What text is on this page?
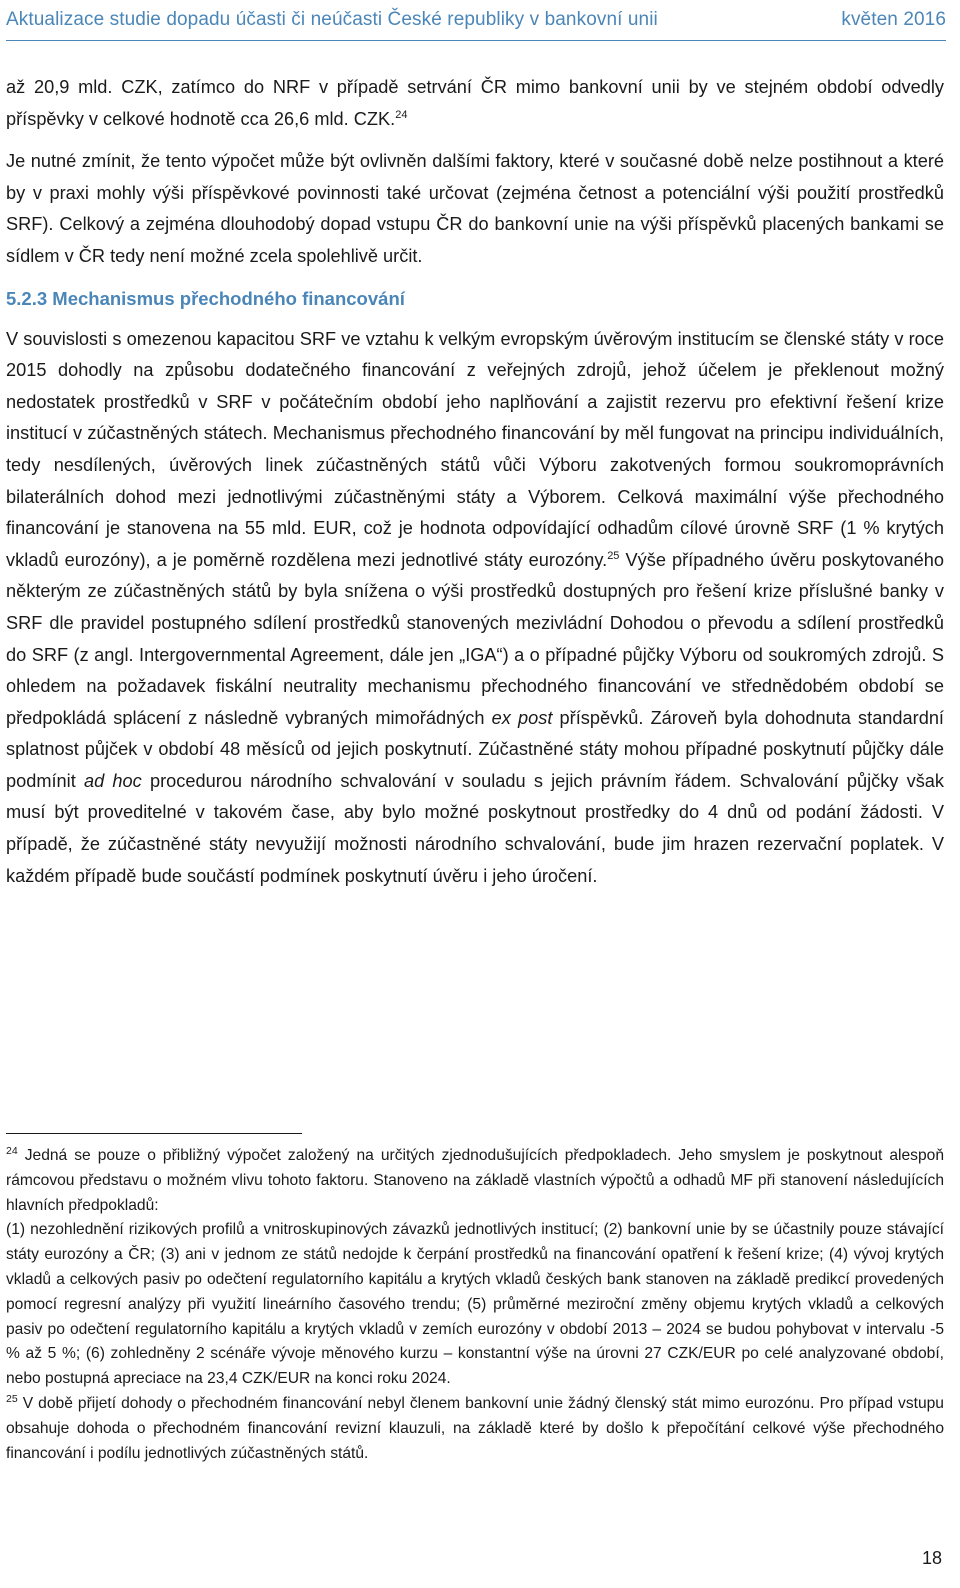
Aktualizace studie dopadu účasti či neúčasti České republiky v bankovní unii	květen 2016

až 20,9 mld. CZK, zatímco do NRF v případě setrvání ČR mimo bankovní unii by ve stejném období odvedly příspěvky v celkové hodnotě cca 26,6 mld. CZK.$^{24}$

Je nutné zmínit, že tento výpočet může být ovlivněn dalšími faktory, které v současné době nelze postihnout a které by v praxi mohly výši příspěvkové povinnosti také určovat (zejména četnost a potenciální výši použití prostředků SRF). Celkový a zejména dlouhodobý dopad vstupu ČR do bankovní unie na výši příspěvků placených bankami se sídlem v ČR tedy není možné zcela spolehlivě určit.

5.2.3 Mechanismus přechodného financování

V souvislosti s omezenou kapacitou SRF ve vztahu k velkým evropským úvěrovým institucím se členské státy v roce 2015 dohodly na způsobu dodatečného financování z veřejných zdrojů, jehož účelem je překlenout možný nedostatek prostředků v SRF v počátečním období jeho naplňování a zajistit rezervu pro efektivní řešení krize institucí v zúčastněných státech. Mechanismus přechodného financování by měl fungovat na principu individuálních, tedy nesdílených, úvěrových linek zúčastněných států vůči Výboru zakotvených formou soukromoprávních bilaterálních dohod mezi jednotlivými zúčastněnými státy a Výborem. Celková maximální výše přechodného financování je stanovena na 55 mld. EUR, což je hodnota odpovídající odhadům cílové úrovně SRF (1 % krytých vkladů eurozóny), a je poměrně rozdělena mezi jednotlivé státy eurozóny.$^{25}$ Výše případného úvěru poskytovaného některým ze zúčastněných států by byla snížena o výši prostředků dostupných pro řešení krize příslušné banky v SRF dle pravidel postupného sdílení prostředků stanovených mezivládní Dohodou o převodu a sdílení prostředků do SRF (z angl. Intergovernmental Agreement, dále jen „IGA“) a o případné půjčky Výboru od soukromých zdrojů. S ohledem na požadavek fiskální neutrality mechanismu přechodného financování ve střednědobém období se předpokládá splácení z následně vybraných mimořádných ex post příspěvků. Zároveň byla dohodnuta standardní splatnost půjček v období 48 měsíců od jejich poskytnutí. Zúčastněné státy mohou případné poskytnutí půjčky dále podmínit ad hoc procedurou národního schvalování v souladu s jejich právním řádem. Schvalování půjčky však musí být proveditelné v takovém čase, aby bylo možné poskytnout prostředky do 4 dnů od podání žádosti. V případě, že zúčastněné státy nevyužijí možnosti národního schvalování, bude jim hrazen rezervační poplatek. V každém případě bude součástí podmínek poskytnutí úvěru i jeho úročení.

$^{24}$ Jedná se pouze o přibližný výpočet založený na určitých zjednodušujících předpokladech. Jeho smyslem je poskytnout alespoň rámcovou představu o možném vlivu tohoto faktoru. Stanoveno na základě vlastních výpočtů a odhadů MF při stanovení následujících hlavních předpokladů:

(1) nezohlednění rizikových profilů a vnitroskupinových závazků jednotlivých institucí; (2) bankovní unie by se účastnily pouze stávající státy eurozóny a ČR; (3) ani v jednom ze států nedojde k čerpání prostředků na financování opatření k řešení krize; (4) vývoj krytých vkladů a celkových pasiv po odečtení regulatorního kapitálu a krytých vkladů českých bank stanoven na základě predikcí provedených pomocí regresní analýzy při využití lineárního časového trendu; (5) průměrné meziroční změny objemu krytých vkladů a celkových pasiv po odečtení regulatorního kapitálu a krytých vkladů v zemích eurozóny v období 2013 – 2024 se budou pohybovat v intervalu -5 % až 5 %; (6) zohledněny 2 scénáře vývoje měnového kurzu – konstantní výše na úrovni 27 CZK/EUR po celé analyzované období, nebo postupná apreciace na 23,4 CZK/EUR na konci roku 2024.

$^{25}$ V době přijetí dohody o přechodném financování nebyl členem bankovní unie žádný členský stát mimo eurozónu. Pro případ vstupu obsahuje dohoda o přechodném financování revizní klauzuli, na základě které by došlo k přepočítání celkové výše přechodného financování i podílu jednotlivých zúčastněných států.

18
